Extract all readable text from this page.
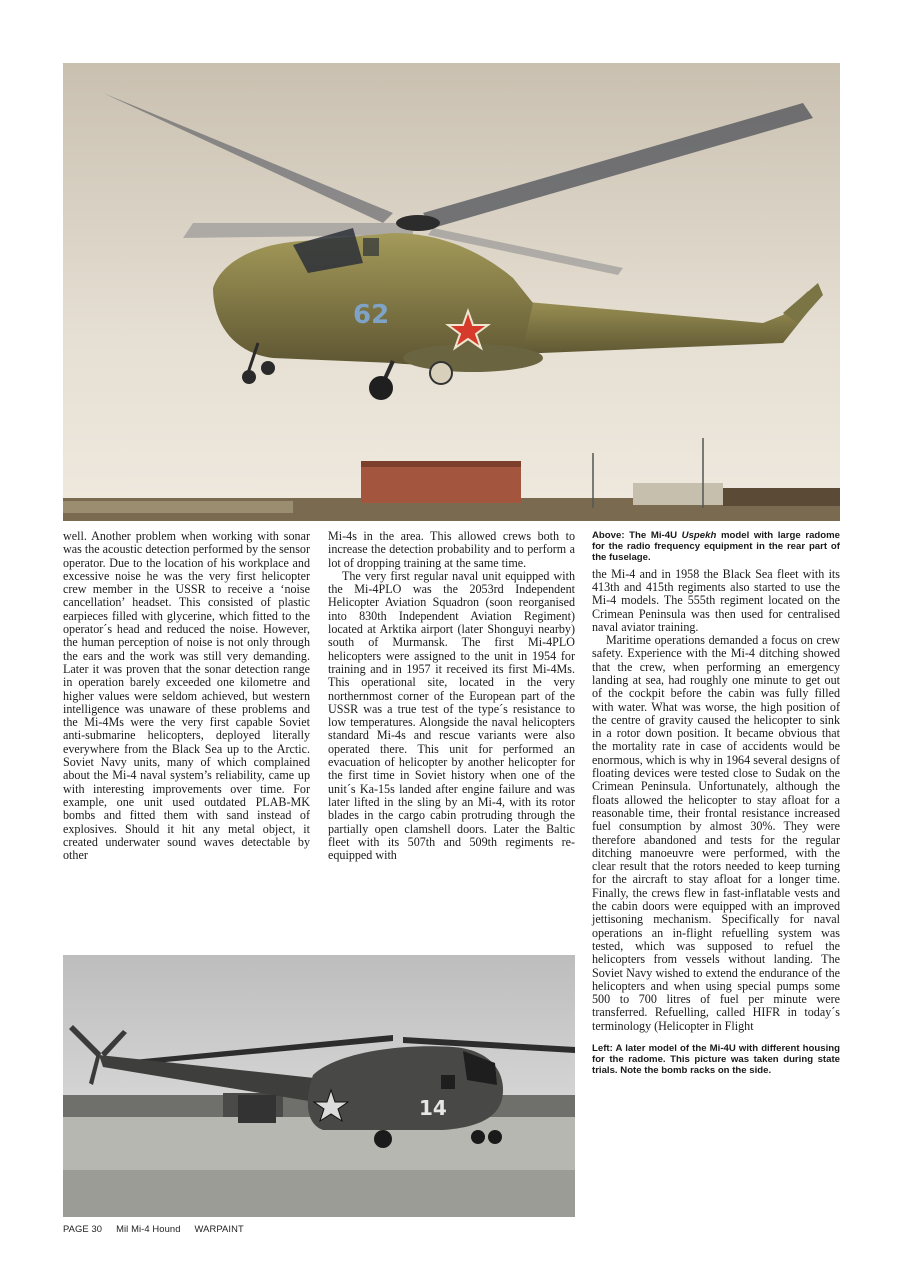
62

well. Another problem when working with sonar was the acoustic detection performed by the sensor operator. Due to the location of his workplace and excessive noise he was the very first helicopter crew member in the USSR to receive a ‘noise cancellation’ headset. This consisted of plastic earpieces filled with glycerine, which fitted to the operator´s head and reduced the noise. However, the human perception of noise is not only through the ears and the work was still very demanding. Later it was proven that the sonar detection range in operation barely exceeded one kilometre and higher values were seldom achieved, but western intelligence was unaware of these problems and the Mi-4Ms were the very first capable Soviet anti-submarine helicopters, deployed literally everywhere from the Black Sea up to the Arctic. Soviet Navy units, many of which complained about the Mi-4 naval system’s reliability, came up with interesting improvements over time. For example, one unit used outdated PLAB-MK bombs and fitted them with sand instead of explosives. Should it hit any metal object, it created underwater sound waves detectable by other

Mi-4s in the area. This allowed crews both to increase the detection probability and to perform a lot of dropping training at the same time.

The very first regular naval unit equipped with the Mi-4PLO was the 2053rd Independent Helicopter Aviation Squadron (soon reorganised into 830th Independent Aviation Regiment) located at Arktika airport (later Shonguyi nearby) south of Murmansk. The first Mi-4PLO helicopters were assigned to the unit in 1954 for training and in 1957 it received its first Mi-4Ms. This operational site, located in the very northernmost corner of the European part of the USSR was a true test of the type´s resistance to low temperatures. Alongside the naval helicopters standard Mi-4s and rescue variants were also operated there. This unit for performed an evacuation of helicopter by another helicopter for the first time in Soviet history when one of the unit´s Ka-15s landed after engine failure and was later lifted in the sling by an Mi-4, with its rotor blades in the cargo cabin protruding through the partially open clamshell doors. Later the Baltic fleet with its 507th and 509th regiments re-equipped with

Above: The Mi-4U Uspekh model with large radome for the radio frequency equipment in the rear part of the fuselage.

the Mi-4 and in 1958 the Black Sea fleet with its 413th and 415th regiments also started to use the Mi-4 models. The 555th regiment located on the Crimean Peninsula was then used for centralised naval aviator training.

Maritime operations demanded a focus on crew safety. Experience with the Mi-4 ditching showed that the crew, when performing an emergency landing at sea, had roughly one minute to get out of the cockpit before the cabin was fully filled with water. What was worse, the high position of the centre of gravity caused the helicopter to sink in a rotor down position. It became obvious that the mortality rate in case of accidents would be enormous, which is why in 1964 several designs of floating devices were tested close to Sudak on the Crimean Peninsula. Unfortunately, although the floats allowed the helicopter to stay afloat for a reasonable time, their frontal resistance increased fuel consumption by almost 30%. They were therefore abandoned and tests for the regular ditching manoeuvre were performed, with the clear result that the rotors needed to keep turning for the aircraft to stay afloat for a longer time. Finally, the crews flew in fast-inflatable vests and the cabin doors were equipped with an improved jettisoning mechanism. Specifically for naval operations an in-flight refuelling system was tested, which was supposed to refuel the helicopters from vessels without landing. The Soviet Navy wished to extend the endurance of the helicopters and when using special pumps some 500 to 700 litres of fuel per minute were transferred. Refuelling, called HIFR in today´s terminology (Helicopter in Flight

Left: A later model of the Mi-4U with different housing for the radome. This picture was taken during state trials. Note the bomb racks on the side.
14
PAGE 30 Mil Mi-4 Hound WARPAINT
